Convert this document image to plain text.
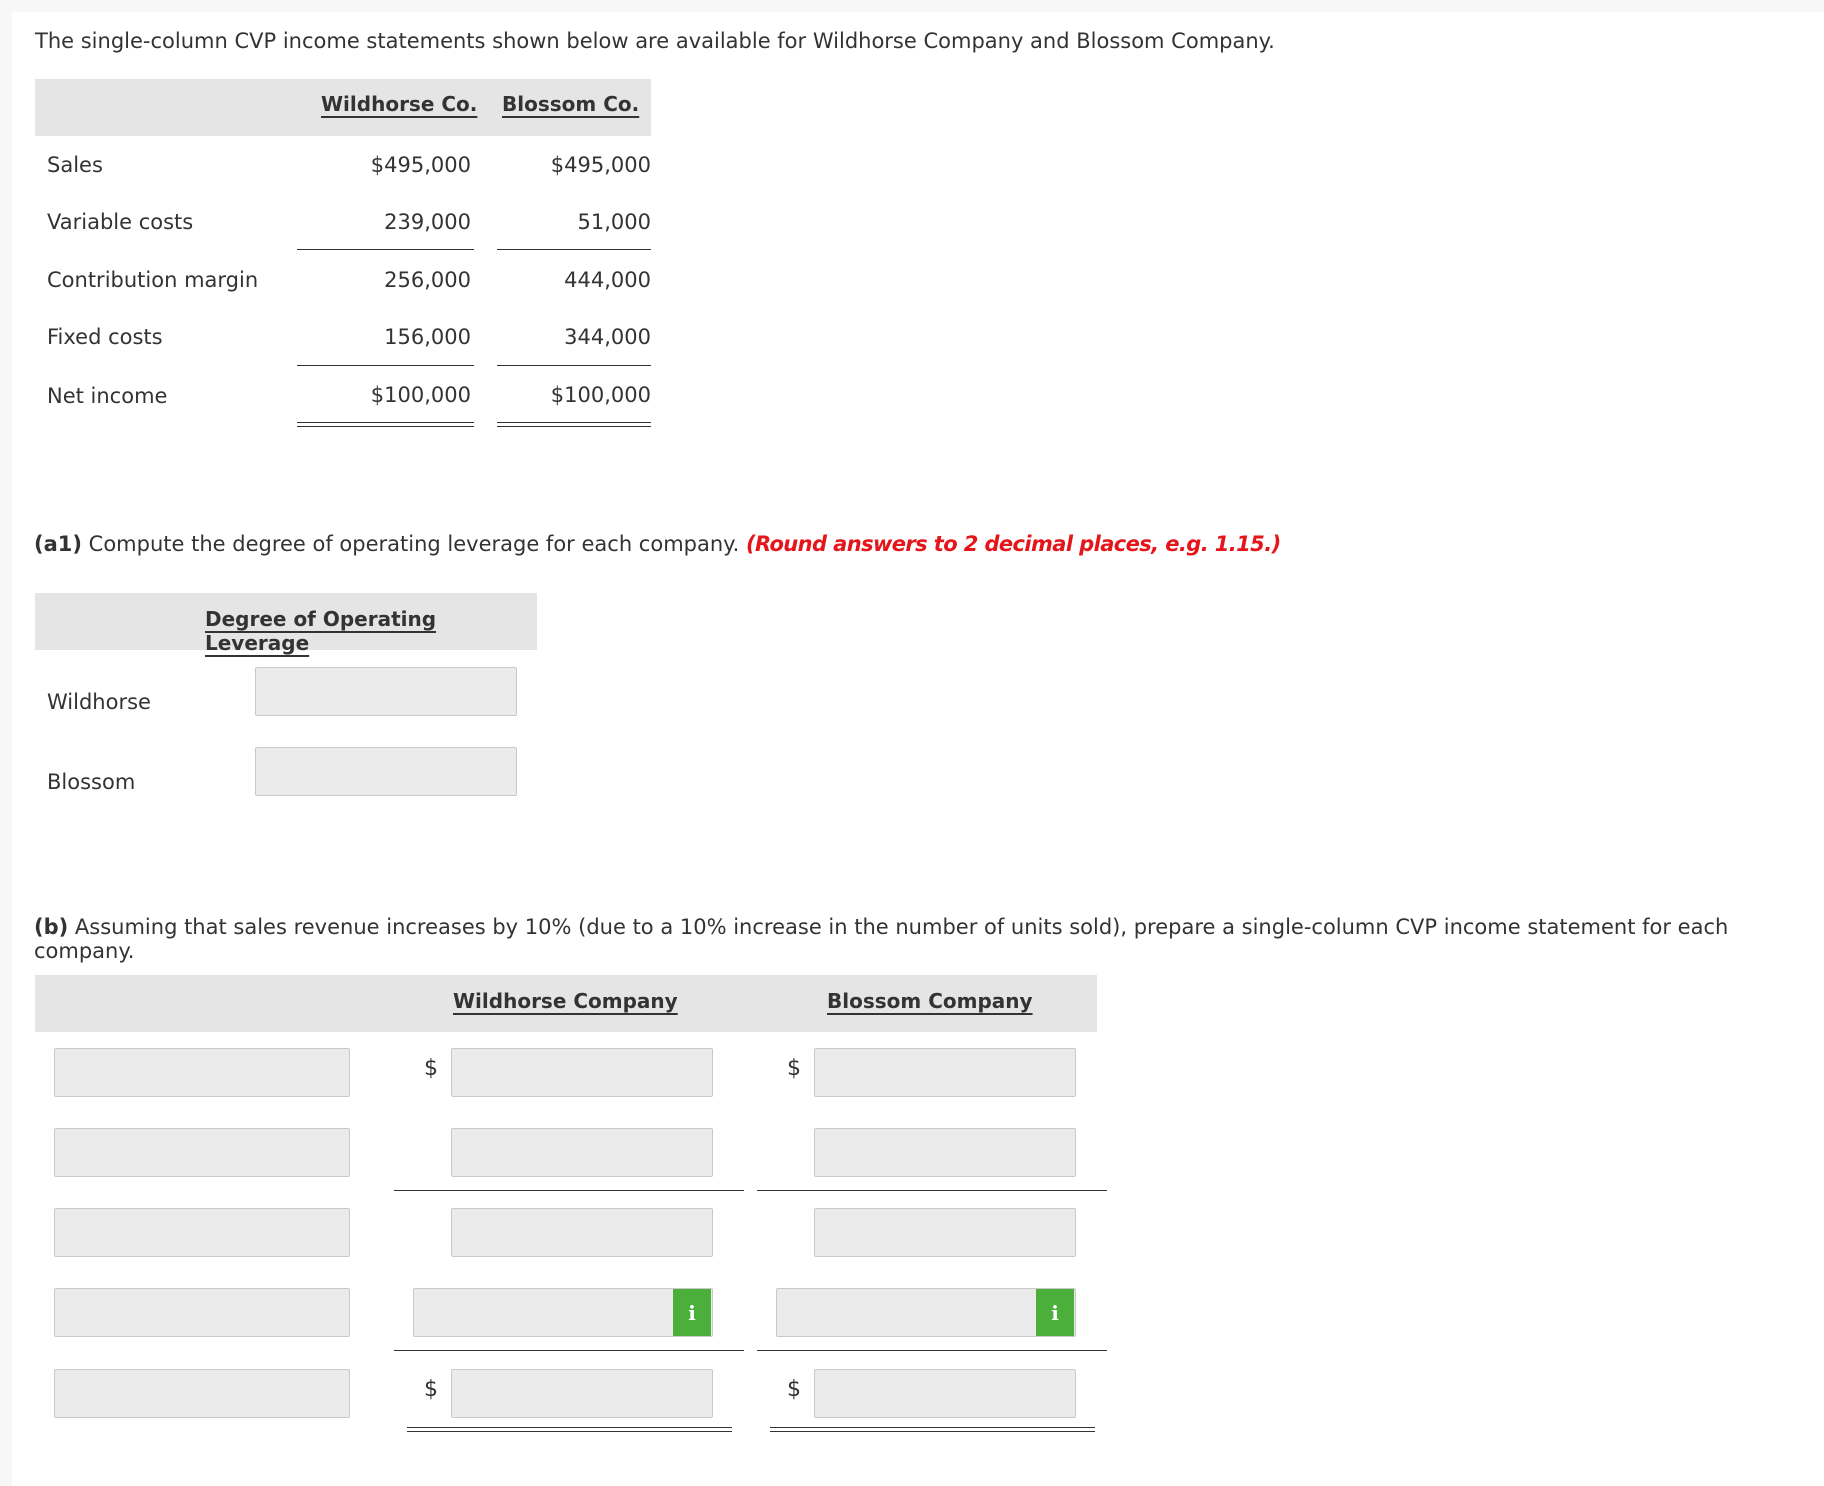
The single-column CVP income statements shown below are available for Wildhorse Company and Blossom Company.
Wildhorse Co. Blossom Co.
Sales	$495,000	$495,000
Variable costs	239,000	51,000
Contribution margin	256,000	444,000
Fixed costs	156,000	344,000
Net income	$100,000	$100,000
(a1) Compute the degree of operating leverage for each company. (Round answers to 2 decimal places, e.g. 1.15.)
Degree of Operating Leverage
Wildhorse
Blossom
(b) Assuming that sales revenue increases by 10% (due to a 10% increase in the number of units sold), prepare a single-column CVP income statement for each company.
Wildhorse Company	Blossom Company
$	$
i	i
$	$
